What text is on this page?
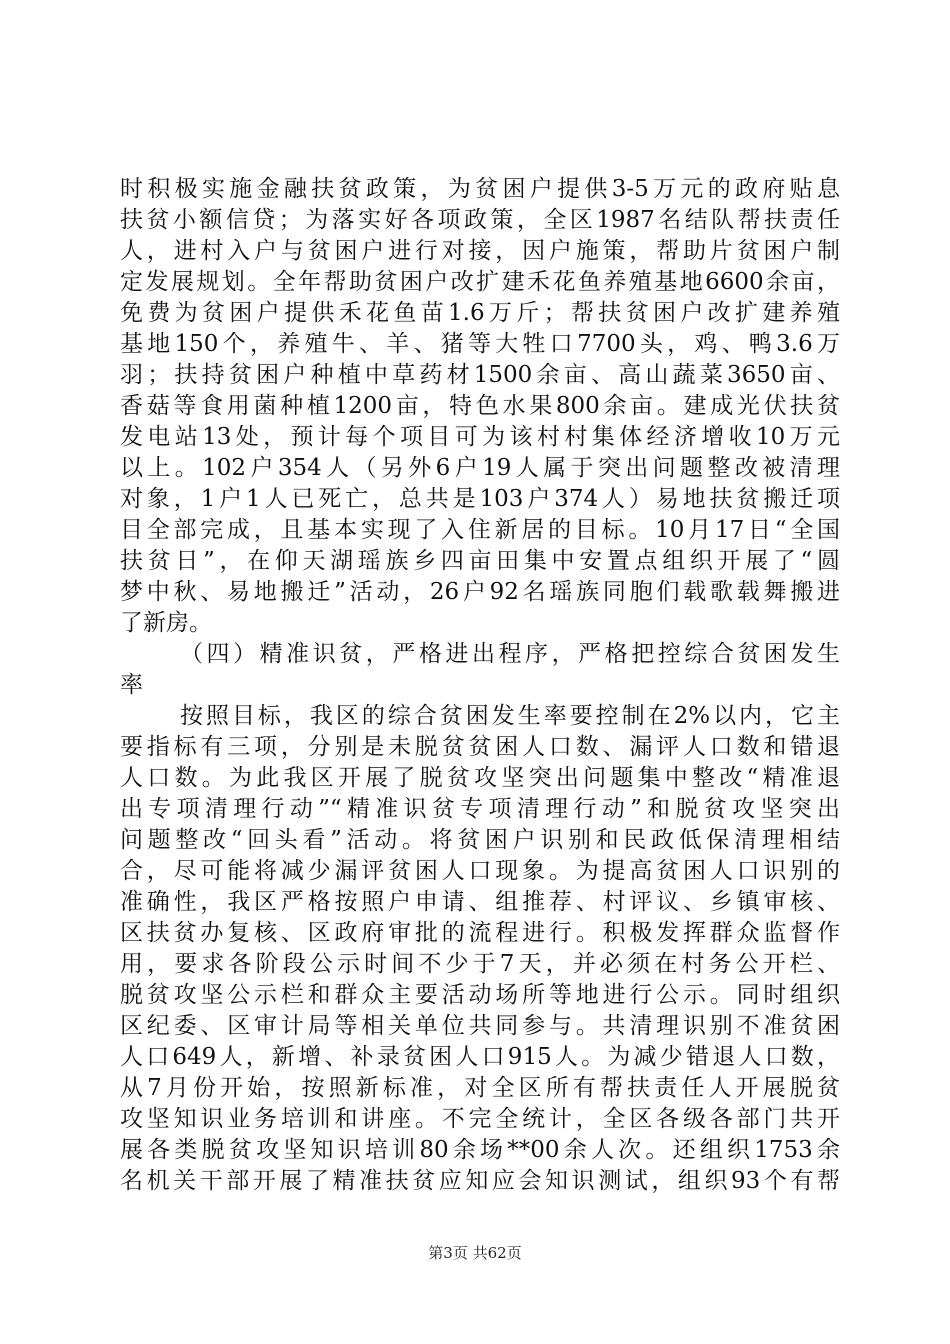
时积极实施金融扶贫政策，为贫困户提供3-5万元的政府贴息
扶贫小额信贷；为落实好各项政策，全区1987名结队帮扶责任
人，进村入户与贫困户进行对接，因户施策，帮助片贫困户制
定发展规划。全年帮助贫困户改扩建禾花鱼养殖基地6600余亩，
免费为贫困户提供禾花鱼苗1.6万斤；帮扶贫困户改扩建养殖
基地150个，养殖牛、羊、猪等大牲口7700头，鸡、鸭3.6万
羽；扶持贫困户种植中草药材1500余亩、高山蔬菜3650亩、
香菇等食用菌种植1200亩，特色水果800余亩。建成光伏扶贫
发电站13处，预计每个项目可为该村村集体经济增收10万元
以上。102户354人（另外6户19人属于突出问题整改被清理
对象，1户1人已死亡，总共是103户374人）易地扶贫搬迁项
目全部完成，且基本实现了入住新居的目标。10月17日“全国
扶贫日”，在仰天湖瑶族乡四亩田集中安置点组织开展了“圆
梦中秋、易地搬迁”活动，26户92名瑶族同胞们载歌载舞搬进
了新房。
（四）精准识贫，严格进出程序，严格把控综合贫困发生
率
按照目标，我区的综合贫困发生率要控制在2%以内，它主
要指标有三项，分别是未脱贫贫困人口数、漏评人口数和错退
人口数。为此我区开展了脱贫攻坚突出问题集中整改“精准退
出专项清理行动”“精准识贫专项清理行动”和脱贫攻坚突出
问题整改“回头看”活动。将贫困户识别和民政低保清理相结
合，尽可能将减少漏评贫困人口现象。为提高贫困人口识别的
准确性，我区严格按照户申请、组推荐、村评议、乡镇审核、
区扶贫办复核、区政府审批的流程进行。积极发挥群众监督作
用，要求各阶段公示时间不少于7天，并必须在村务公开栏、
脱贫攻坚公示栏和群众主要活动场所等地进行公示。同时组织
区纪委、区审计局等相关单位共同参与。共清理识别不准贫困
人口649人，新增、补录贫困人口915人。为减少错退人口数，
从7月份开始，按照新标准，对全区所有帮扶责任人开展脱贫
攻坚知识业务培训和讲座。不完全统计，全区各级各部门共开
展各类脱贫攻坚知识培训80余场**00余人次。还组织1753余
名机关干部开展了精准扶贫应知应会知识测试，组织93个有帮
第3页 共62页
